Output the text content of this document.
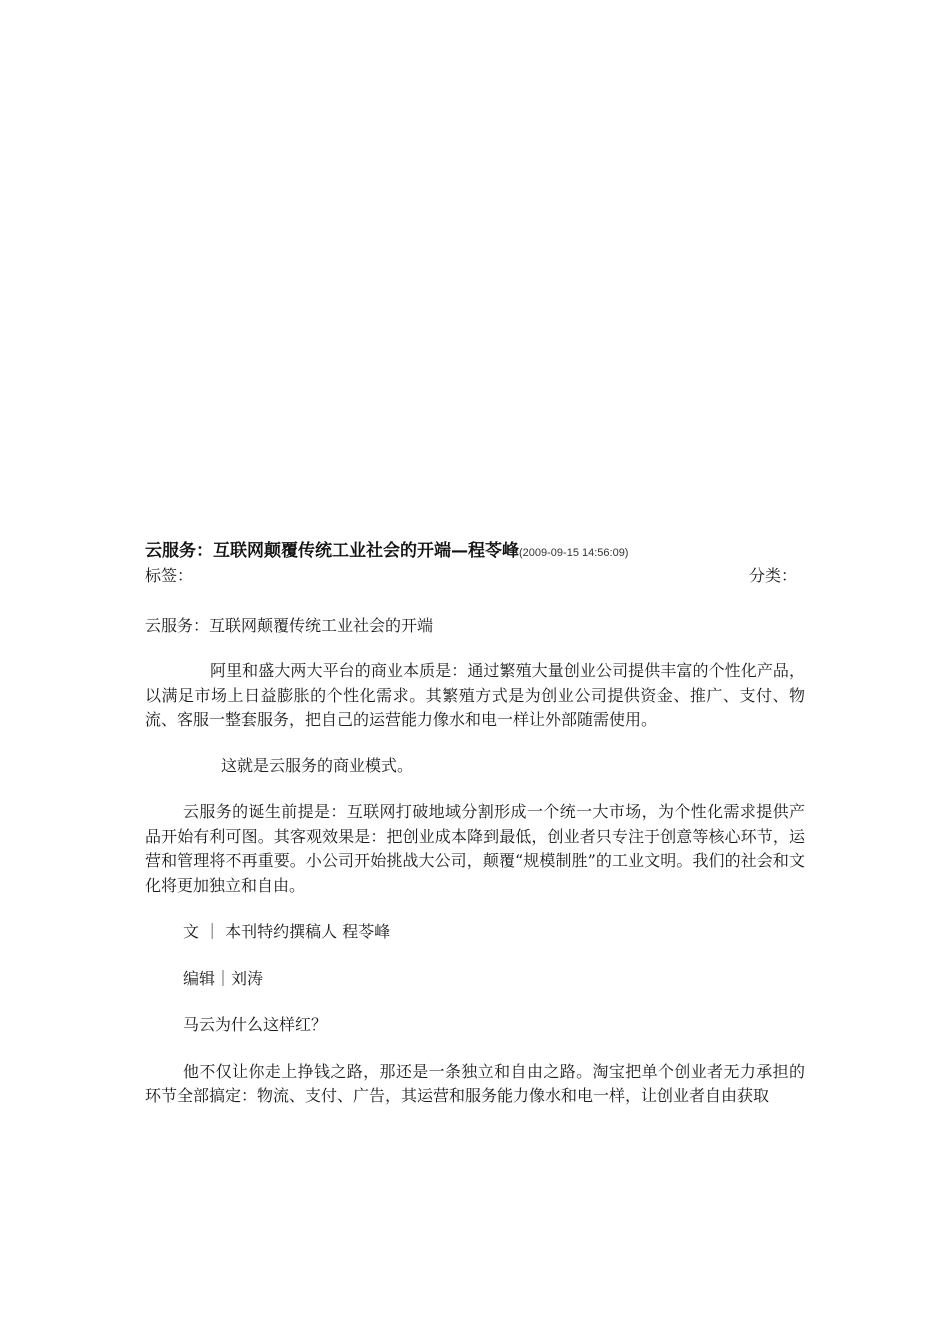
云服务：互联网颠覆传统工业社会的开端—程苓峰(2009-09-15 14:56:09)
标签：	分类：
云服务：互联网颠覆传统工业社会的开端

阿里和盛大两大平台的商业本质是：通过繁殖大量创业公司提供丰富的个性化产品，以满足市场上日益膨胀的个性化需求。其繁殖方式是为创业公司提供资金、推广、支付、物流、客服一整套服务，把自己的运营能力像水和电一样让外部随需使用。

这就是云服务的商业模式。

云服务的诞生前提是：互联网打破地域分割形成一个统一大市场，为个性化需求提供产品开始有利可图。其客观效果是：把创业成本降到最低，创业者只专注于创意等核心环节，运营和管理将不再重要。小公司开始挑战大公司，颠覆“规模制胜”的工业文明。我们的社会和文化将更加独立和自由。

文 ｜ 本刊特约撰稿人 程苓峰

编辑｜刘涛

马云为什么这样红？

他不仅让你走上挣钱之路，那还是一条独立和自由之路。淘宝把单个创业者无力承担的环节全部搞定：物流、支付、广告，其运营和服务能力像水和电一样，让创业者自由获取
